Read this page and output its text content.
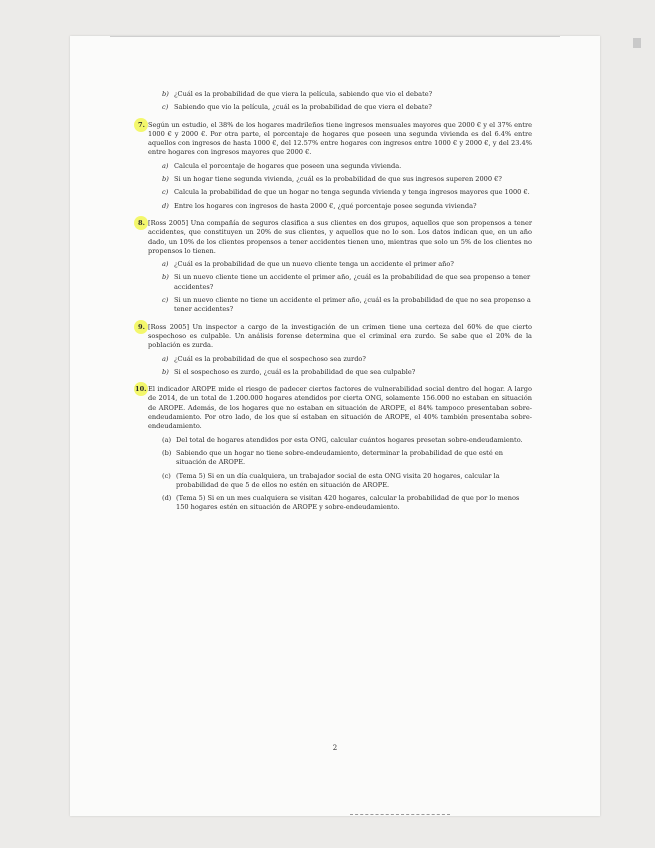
b) ¿Cuál es la probabilidad de que viera la película, sabiendo que vio el debate?
c) Sabiendo que vio la película, ¿cuál es la probabilidad de que viera el debate?
7. Según un estudio, el 38% de los hogares madrileños tiene ingresos mensuales mayores que 2000 € y el 37% entre 1000 € y 2000 €. Por otra parte, el porcentaje de hogares que poseen una segunda vivienda es del 6.4% entre aquellos con ingresos de hasta 1000 €, del 12.57% entre hogares con ingresos entre 1000 € y 2000 €, y del 23.4% entre hogares con ingresos mayores que 2000 €.

a) Calcula el porcentaje de hogares que poseen una segunda vivienda.
b) Si un hogar tiene segunda vivienda, ¿cuál es la probabilidad de que sus ingresos superen 2000 €?
c) Calcula la probabilidad de que un hogar no tenga segunda vivienda y tenga ingresos mayores que 1000 €.
d) Entre los hogares con ingresos de hasta 2000 €, ¿qué porcentaje posee segunda vivienda?
8. [Ross 2005] Una compañía de seguros clasifica a sus clientes en dos grupos, aquellos que son propensos a tener accidentes, que constituyen un 20% de sus clientes, y aquellos que no lo son. Los datos indican que, en un año dado, un 10% de los clientes propensos a tener accidentes tienen uno, mientras que solo un 5% de los clientes no propensos lo tienen.

a) ¿Cuál es la probabilidad de que un nuevo cliente tenga un accidente el primer año?
b) Si un nuevo cliente tiene un accidente el primer año, ¿cuál es la probabilidad de que sea propenso a tener accidentes?
c) Si un nuevo cliente no tiene un accidente el primer año, ¿cuál es la probabilidad de que no sea propenso a tener accidentes?
9. [Ross 2005] Un inspector a cargo de la investigación de un crimen tiene una certeza del 60% de que cierto sospechoso es culpable. Un análisis forense determina que el criminal era zurdo. Se sabe que el 20% de la población es zurda.

a) ¿Cuál es la probabilidad de que el sospechoso sea zurdo?
b) Si el sospechoso es zurdo, ¿cuál es la probabilidad de que sea culpable?
10. El indicador AROPE mide el riesgo de padecer ciertos factores de vulnerabilidad social dentro del hogar. A largo de 2014, de un total de 1.200.000 hogares atendidos por cierta ONG, solamente 156.000 no estaban en situación de AROPE. Además, de los hogares que no estaban en situación de AROPE, el 84% tampoco presentaban sobre-endeudamiento. Por otro lado, de los que sí estaban en situación de AROPE, el 40% también presentaba sobre-endeudamiento.

(a) Del total de hogares atendidos por esta ONG, calcular cuántos hogares presetan sobre-endeudamiento.
(b) Sabiendo que un hogar no tiene sobre-endeudamiento, determinar la probabilidad de que esté en situación de AROPE.
(c) (Tema 5) Si en un día cualquiera, un trabajador social de esta ONG visita 20 hogares, calcular la probabilidad de que 5 de ellos no estén en situación de AROPE.
(d) (Tema 5) Si en un mes cualquiera se visitan 420 hogares, calcular la probabilidad de que por lo menos 150 hogares estén en situación de AROPE y sobre-endeudamiento.
2
